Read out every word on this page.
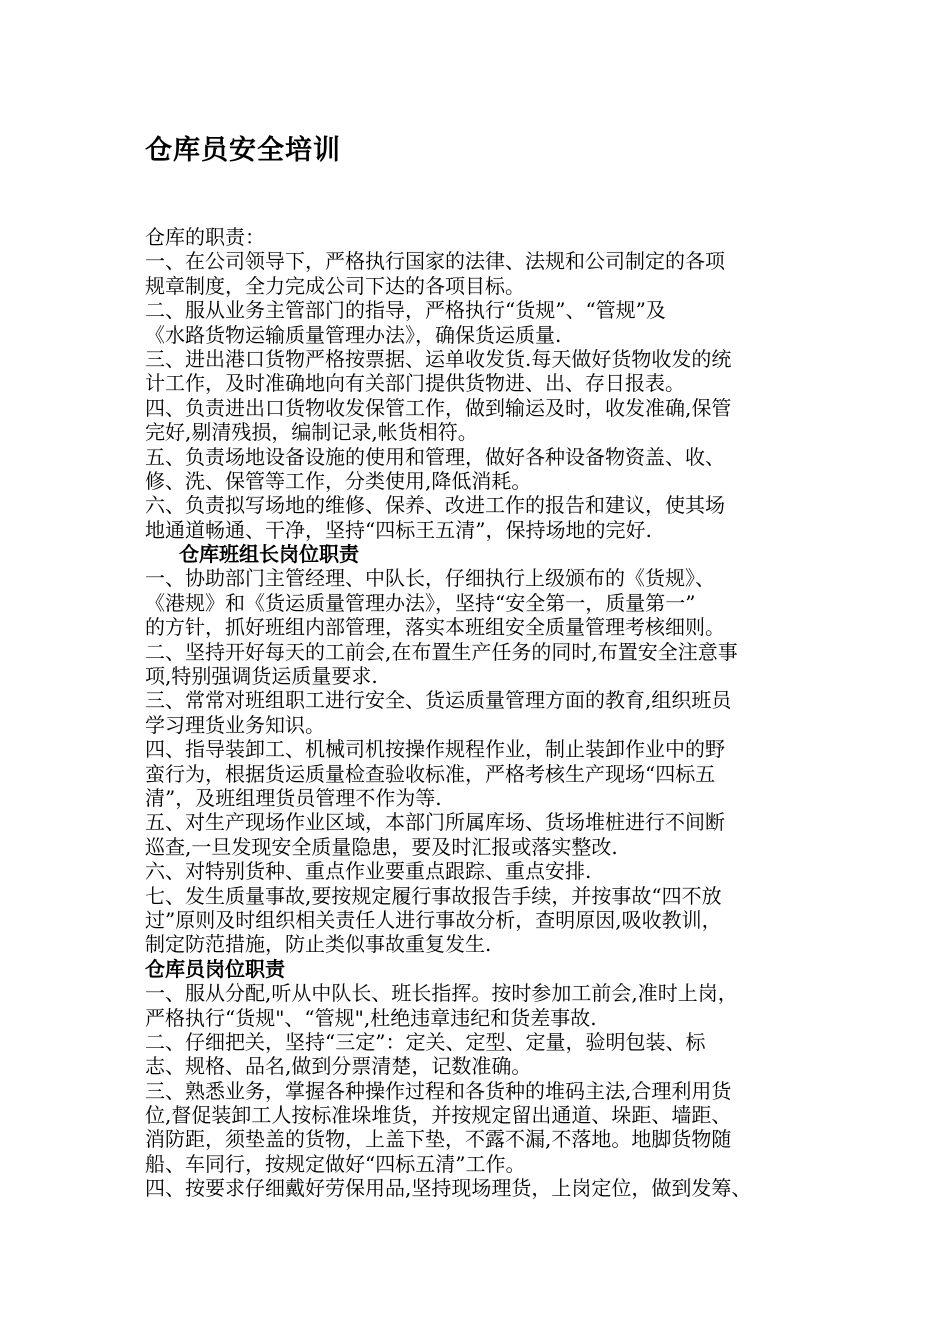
仓库员安全培训
仓库的职责：
一、在公司领导下，严格执行国家的法律、法规和公司制定的各项
规章制度，全力完成公司下达的各项目标。
二、服从业务主管部门的指导，严格执行“货规”、“管规”及
《水路货物运输质量管理办法》，确保货运质量.
三、进出港口货物严格按票据、运单收发货.每天做好货物收发的统
计工作，及时准确地向有关部门提供货物进、出、存日报表。
四、负责进出口货物收发保管工作，做到输运及时，收发准确,保管
完好,剔清残损，编制记录,帐货相符。
五、负责场地设备设施的使用和管理，做好各种设备物资盖、收、
修、洗、保管等工作，分类使用,降低消耗。
六、负责拟写场地的维修、保养、改进工作的报告和建议，使其场
地通道畅通、干净，坚持“四标王五清”，保持场地的完好.
仓库班组长岗位职责
一、协助部门主管经理、中队长，仔细执行上级颁布的《货规》、
《港规》和《货运质量管理办法》，坚持“安全第一，质量第一”
的方针，抓好班组内部管理，落实本班组安全质量管理考核细则。
二、坚持开好每天的工前会,在布置生产任务的同时,布置安全注意事
项,特别强调货运质量要求.
三、常常对班组职工进行安全、货运质量管理方面的教育,组织班员
学习理货业务知识。
四、指导装卸工、机械司机按操作规程作业，制止装卸作业中的野
蛮行为，根据货运质量检查验收标准，严格考核生产现场“四标五
清”，及班组理货员管理不作为等.
五、对生产现场作业区域，本部门所属库场、货场堆桩进行不间断
巡查,一旦发现安全质量隐患，要及时汇报或落实整改.
六、对特别货种、重点作业要重点跟踪、重点安排.
七、发生质量事故,要按规定履行事故报告手续，并按事故“四不放
过”原则及时组织相关责任人进行事故分析，查明原因,吸收教训，
制定防范措施，防止类似事故重复发生.
仓库员岗位职责
一、服从分配,听从中队长、班长指挥。按时参加工前会,准时上岗，
严格执行“货规"、“管规",杜绝违章违纪和货差事故.
二、仔细把关，坚持“三定”：定关、定型、定量，验明包装、标
志、规格、品名,做到分票清楚，记数准确。
三、熟悉业务，掌握各种操作过程和各货种的堆码主法,合理利用货
位,督促装卸工人按标准垛堆货，并按规定留出通道、垛距、墙距、
消防距，须垫盖的货物，上盖下垫，不露不漏,不落地。地脚货物随
船、车同行，按规定做好“四标五清”工作。
四、按要求仔细戴好劳保用品,坚持现场理货，上岗定位，做到发筹、
